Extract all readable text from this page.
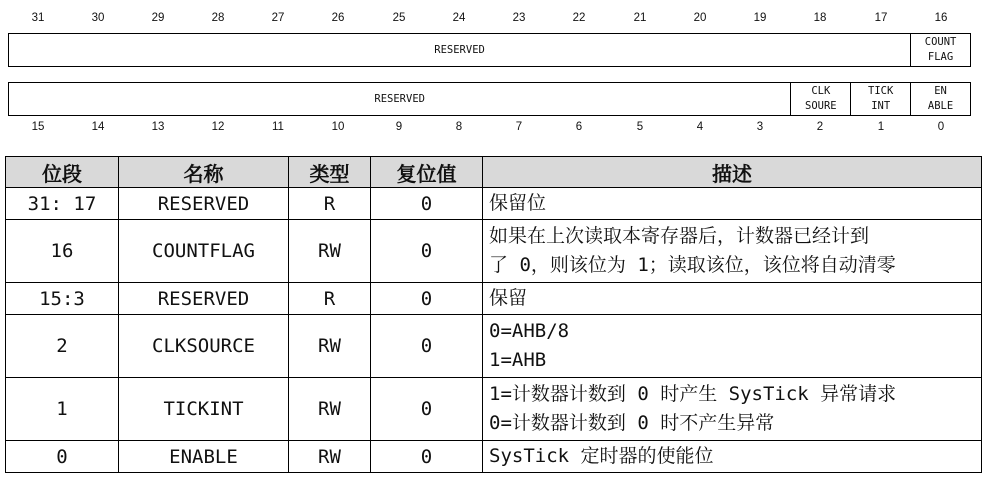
31	30	29	28	27	26	25	24	23	22	21	20	19	18	17	16
RESERVED
COUNT
FLAG
RESERVED
CLK
SOURE
TICK
INT
EN
ABLE
15	14	13	12	11	10	9	8	7	6	5	4	3	2	1	0
位段	名称	类型	复位值	描述
31: 17	RESERVED	R	0	保留位

16	COUNTFLAG	RW	0	如果在上次读取本寄存器后，计数器已经计到
了 0，则该位为 1；读取该位，该位将自动清零

15:3	RESERVED	R	0	保留

2	CLKSOURCE	RW	0	0=AHB/8
1=AHB

1	TICKINT	RW	0	1=计数器计数到 0 时产生 SysTick 异常请求
0=计数器计数到 0 时不产生异常

0	ENABLE	RW	0	SysTick 定时器的使能位
